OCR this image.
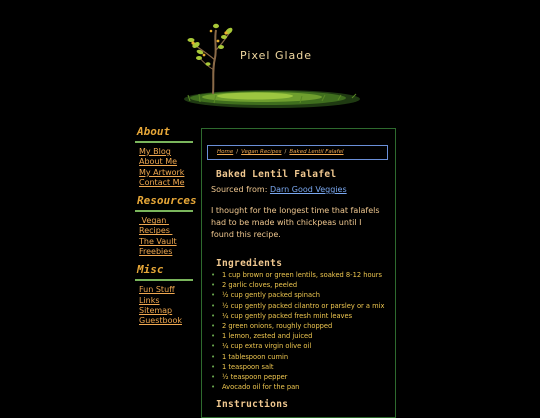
Pixel Glade
About
My Blog
About Me
My Artwork
Contact Me
Resources
Vegan Recipes
The Vault
Freebies
Misc
Fun Stuff
Links
Sitemap
Guestbook
Home / Vegan Recipes / Baked Lentil Falafel
Baked Lentil Falafel
Sourced from: Darn Good Veggies

I thought for the longest time that falafels had to be made with chickpeas until I found this recipe.

Ingredients
• 1 cup brown or green lentils, soaked 8-12 hours
• 2 garlic cloves, peeled
• ½ cup gently packed spinach
• ½ cup gently packed cilantro or parsley or a mix
• ¼ cup gently packed fresh mint leaves
• 2 green onions, roughly chopped
• 1 lemon, zested and juiced
• ¼ cup extra virgin olive oil
• 1 tablespoon cumin
• 1 teaspoon salt
• ½ teaspoon pepper
• Avocado oil for the pan
Instructions
